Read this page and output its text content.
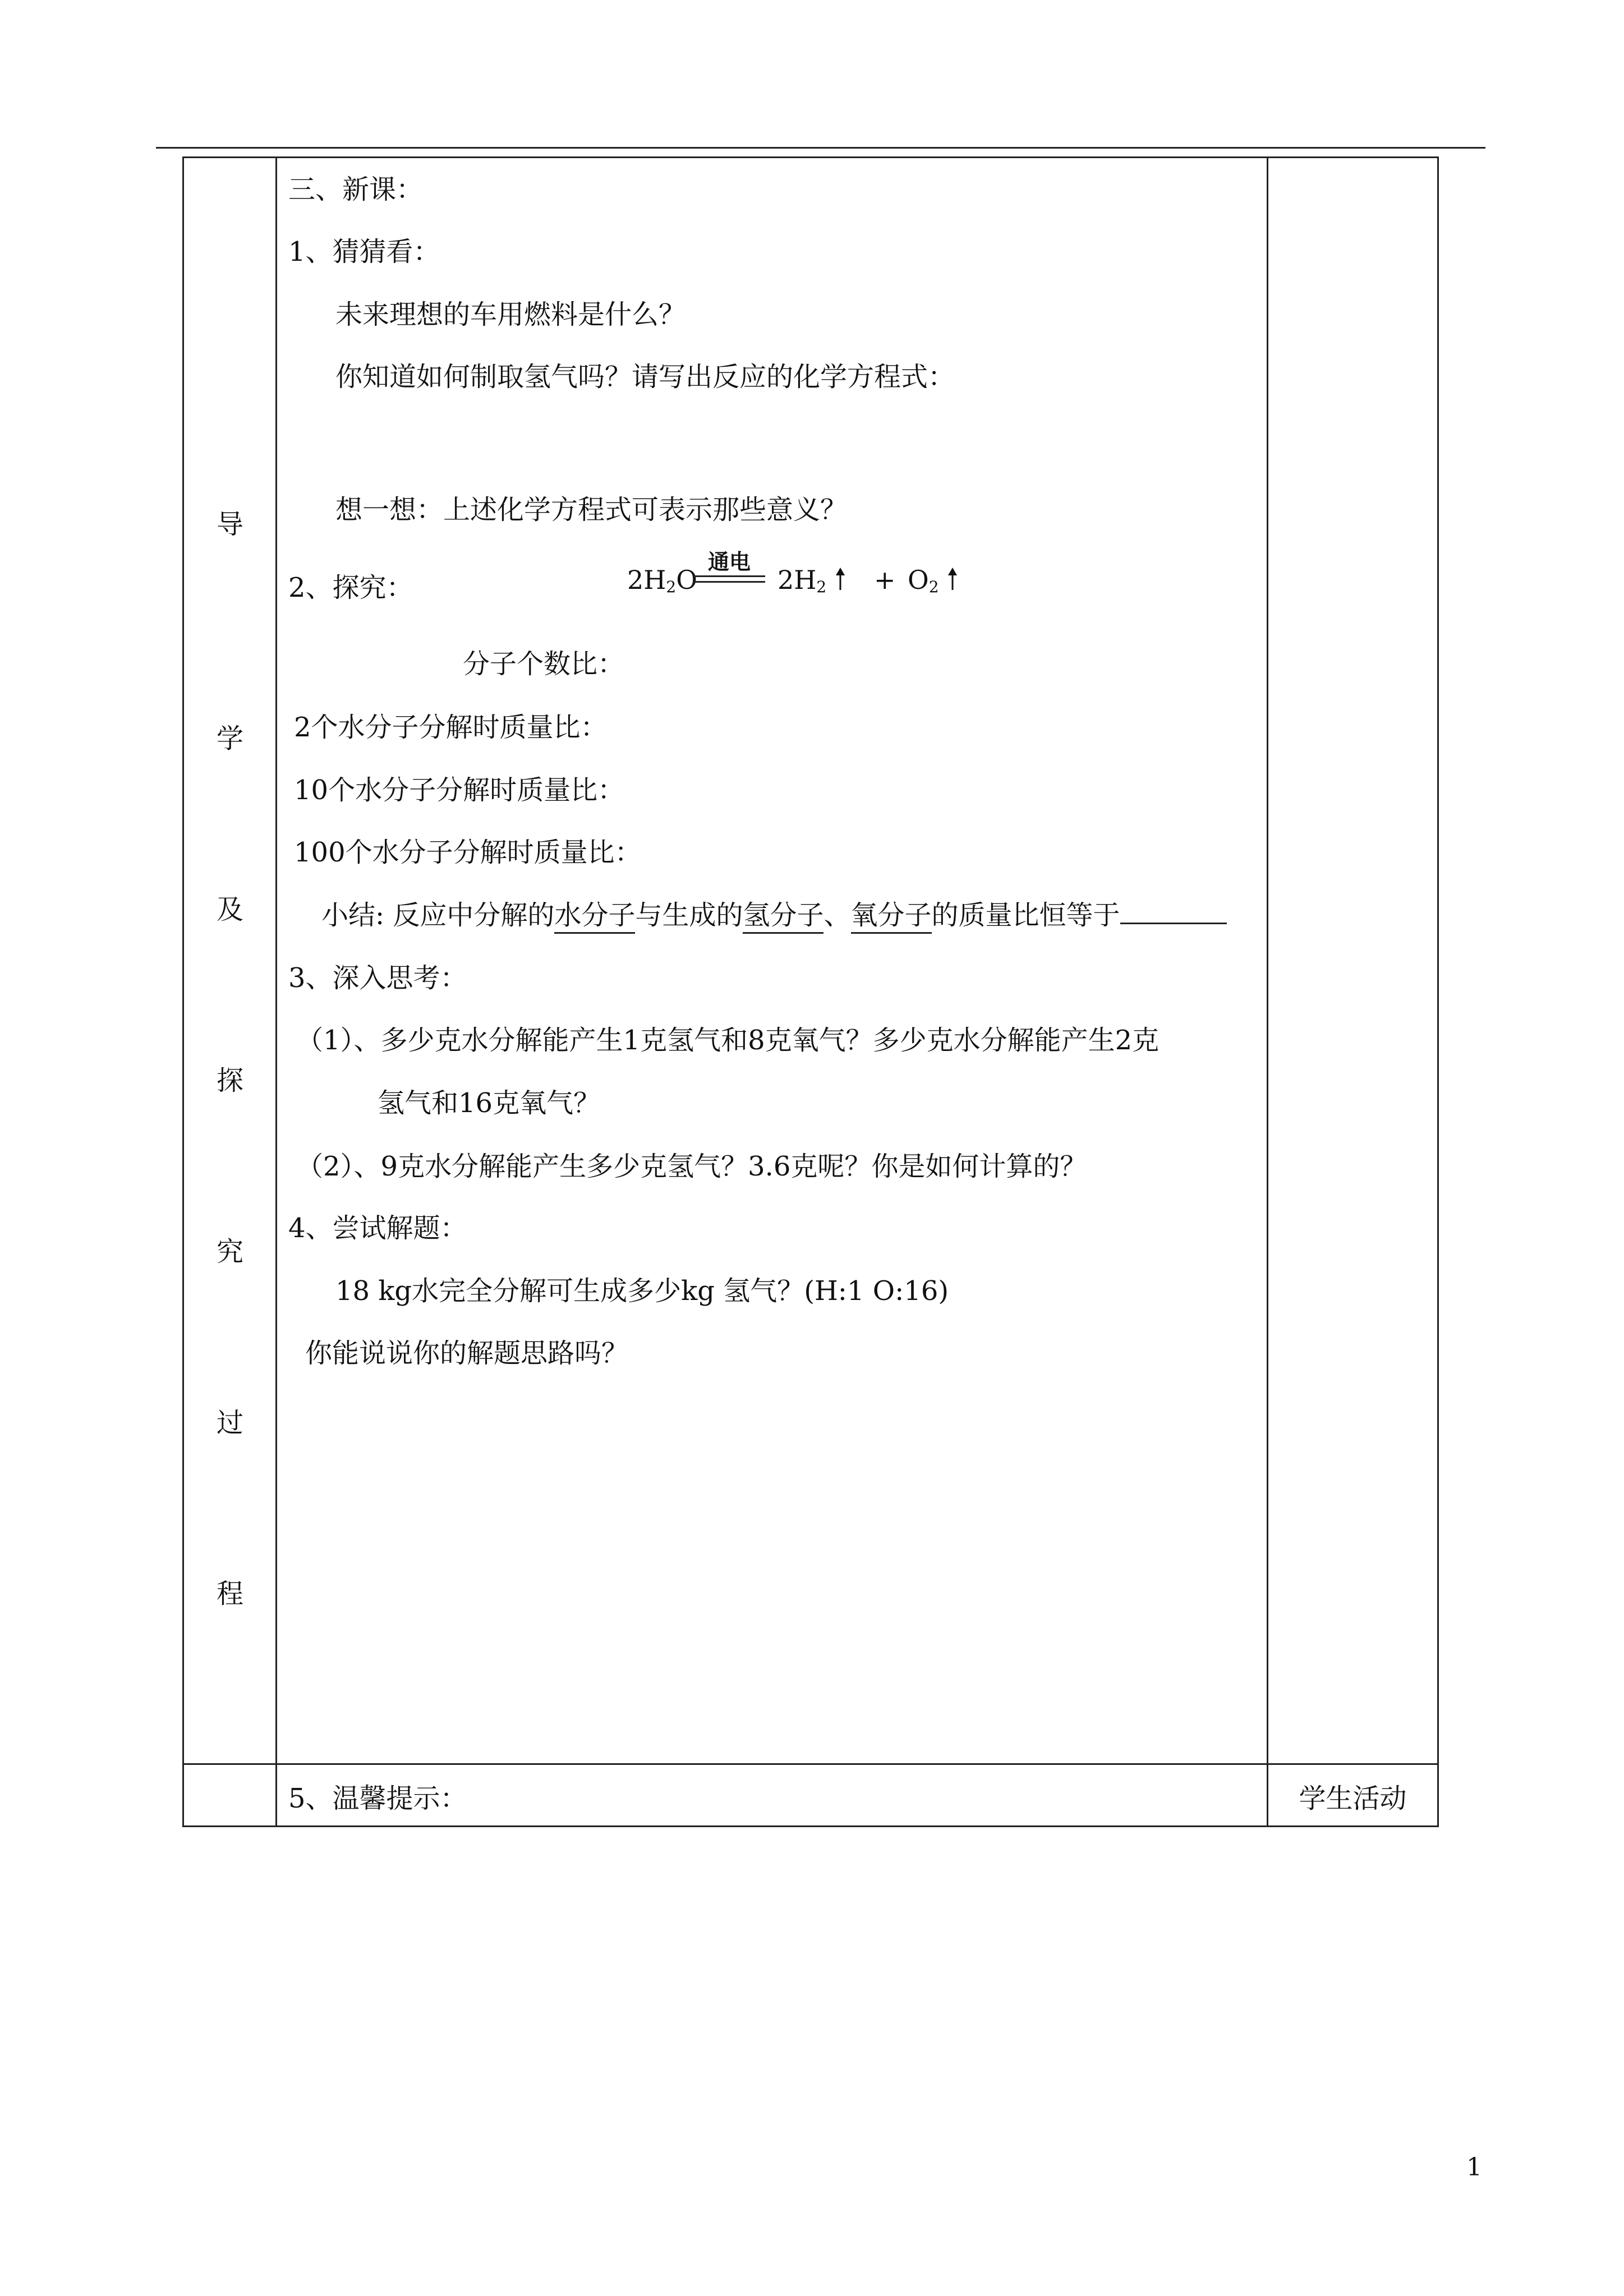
导
学
及
探
究
过
程
三、新课：
1、猜猜看：
未来理想的车用燃料是什么？
你知道如何制取氢气吗？请写出反应的化学方程式：
想一想：上述化学方程式可表示那些意义？
2、探究：	$2H_2O$
通电
$2H_2$	+ $O_2$
分子个数比：
2个水分子分解时质量比：
10个水分子分解时质量比：
100个水分子分解时质量比：
小结: 反应中分解的水分子与生成的氢分子、氧分子的质量比恒等于
3、深入思考：
（1）、多少克水分解能产生1克氢气和8克氧气？多少克水分解能产生2克
氢气和16克氧气？
（2）、9克水分解能产生多少克氢气？3.6克呢？你是如何计算的？
4、尝试解题：
18 kg水完全分解可生成多少kg 氢气？(H:1 O:16)
你能说说你的解题思路吗？
5、温馨提示：	学生活动
1
